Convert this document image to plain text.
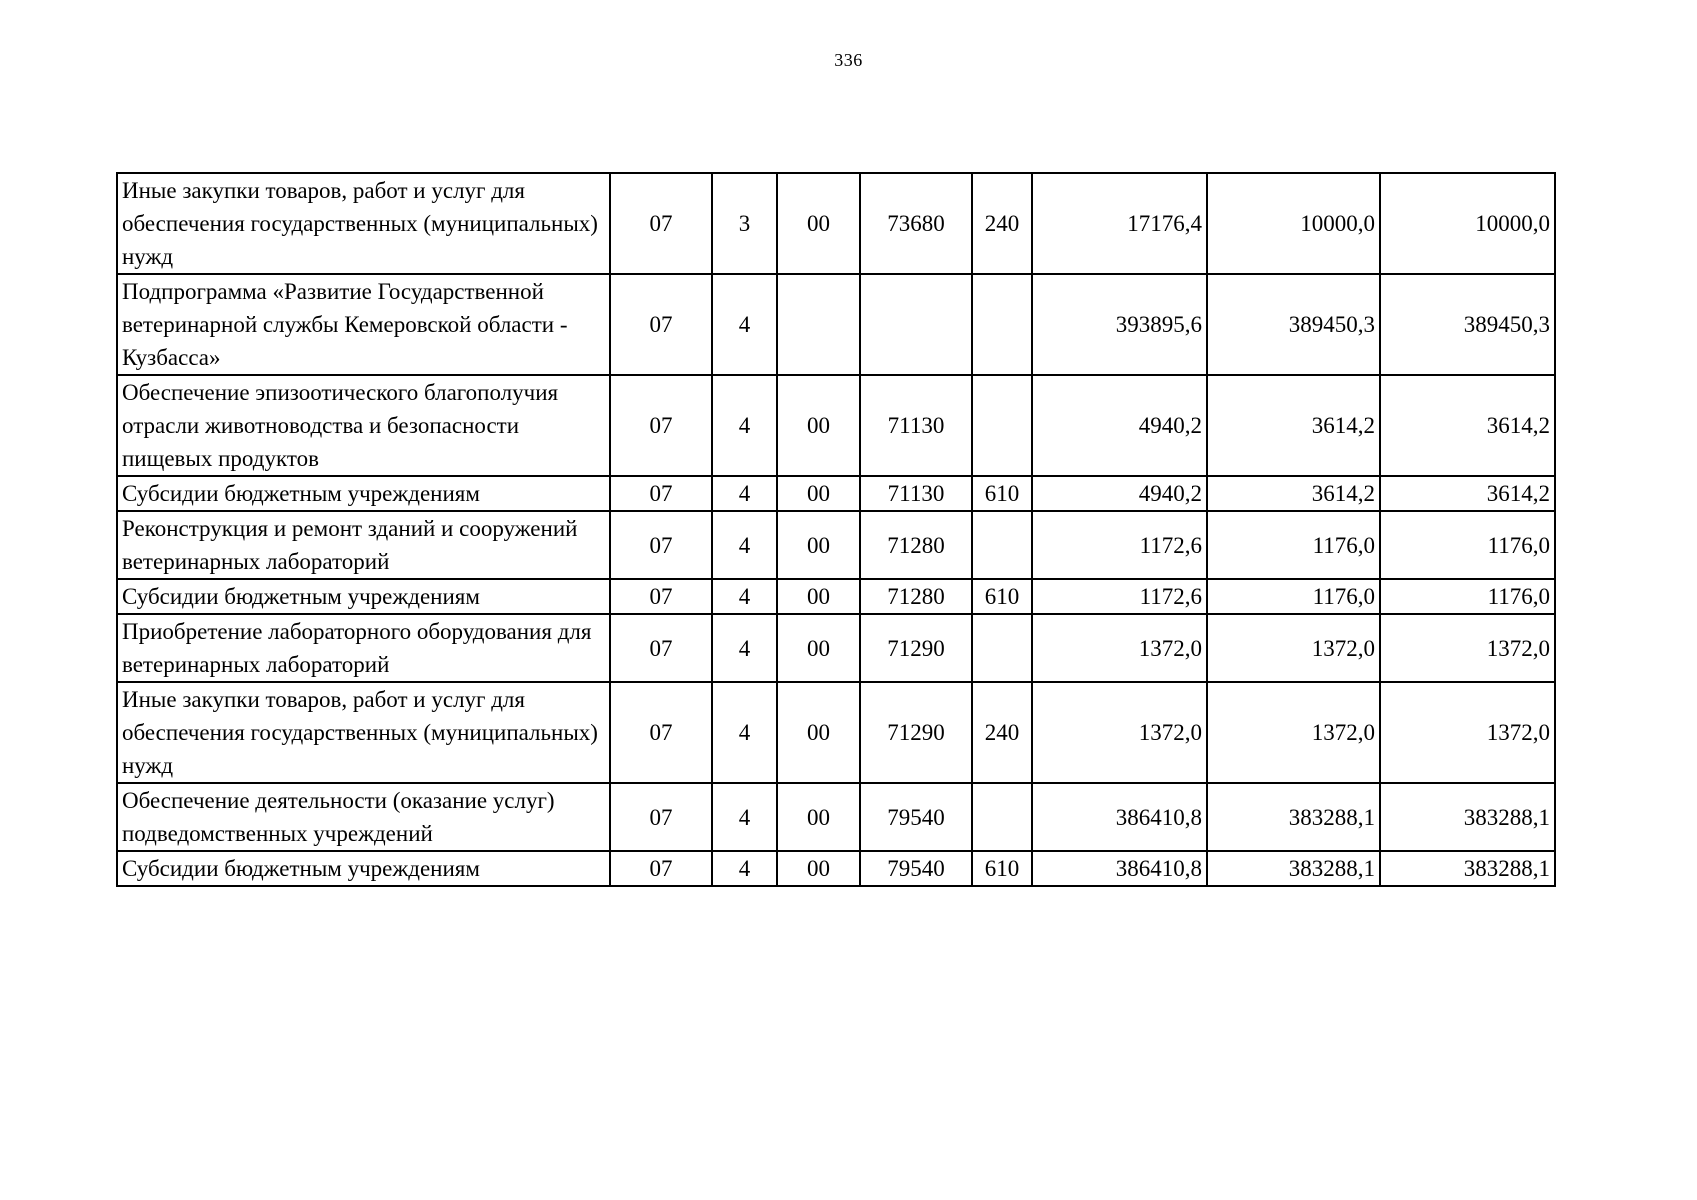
336
Иные закупки товаров, работ и услуг для обеспечения государственных (муниципальных) нужд	07	3	00	73680	240	17176,4	10000,0	10000,0
Подпрограмма «Развитие Государственной ветеринарной службы Кемеровской области - Кузбасса»	07	4				393895,6	389450,3	389450,3
Обеспечение эпизоотического благополучия отрасли животноводства и безопасности пищевых продуктов	07	4	00	71130		4940,2	3614,2	3614,2
Субсидии бюджетным учреждениям	07	4	00	71130	610	4940,2	3614,2	3614,2
Реконструкция и ремонт зданий и сооружений ветеринарных лабораторий	07	4	00	71280		1172,6	1176,0	1176,0
Субсидии бюджетным учреждениям	07	4	00	71280	610	1172,6	1176,0	1176,0
Приобретение лабораторного оборудования для ветеринарных лабораторий	07	4	00	71290		1372,0	1372,0	1372,0
Иные закупки товаров, работ и услуг для обеспечения государственных (муниципальных) нужд	07	4	00	71290	240	1372,0	1372,0	1372,0
Обеспечение деятельности (оказание услуг) подведомственных учреждений	07	4	00	79540		386410,8	383288,1	383288,1
Субсидии бюджетным учреждениям	07	4	00	79540	610	386410,8	383288,1	383288,1
